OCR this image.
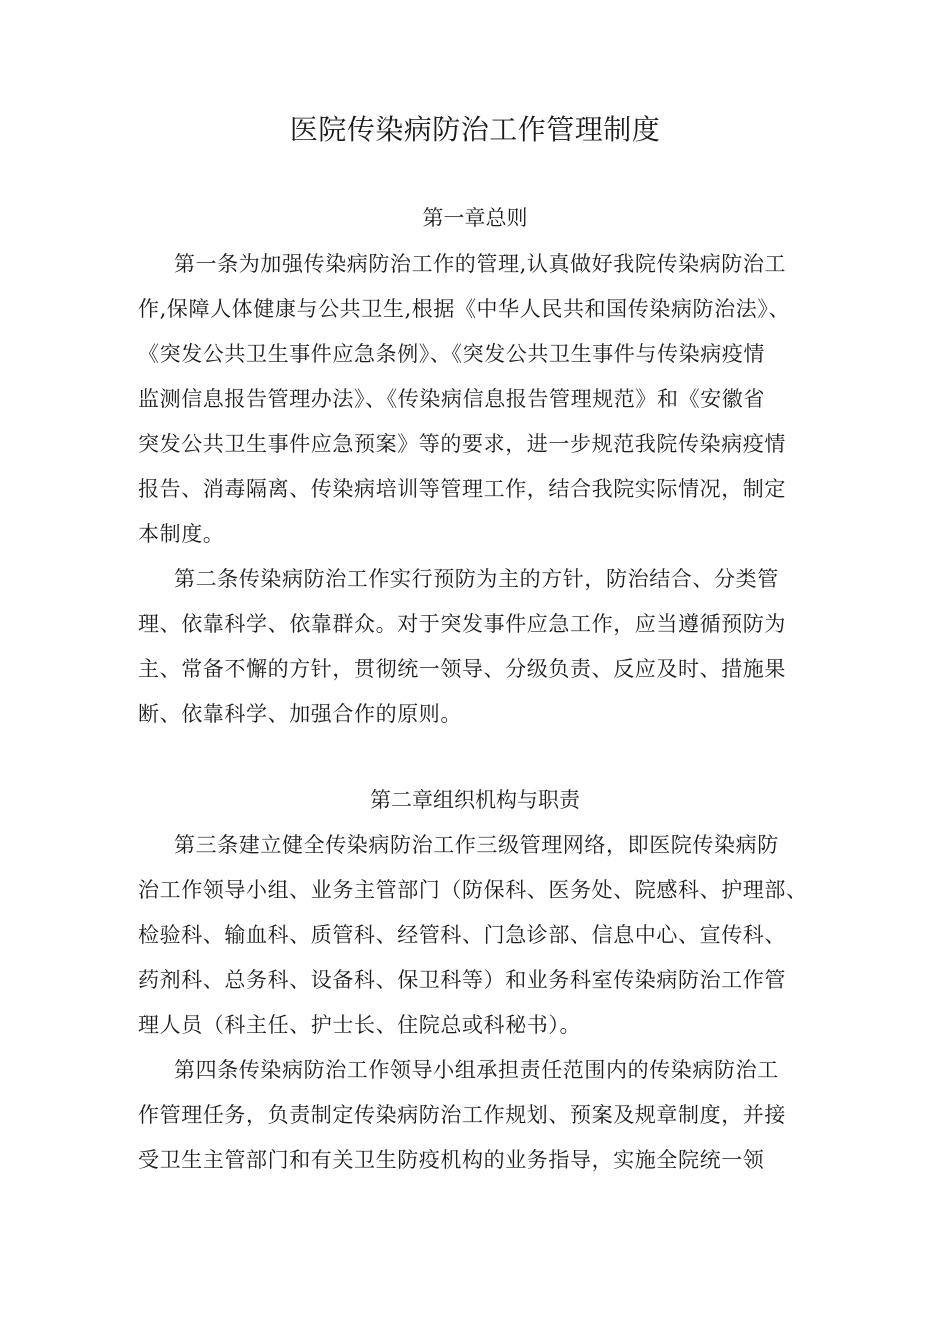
医院传染病防治工作管理制度
第一章总则
第一条为加强传染病防治工作的管理,认真做好我院传染病防治工
作,保障人体健康与公共卫生,根据《中华人民共和国传染病防治法》、
《突发公共卫生事件应急条例》、《突发公共卫生事件与传染病疫情
监测信息报告管理办法》、《传染病信息报告管理规范》和《安徽省
突发公共卫生事件应急预案》等的要求，进一步规范我院传染病疫情
报告、消毒隔离、传染病培训等管理工作，结合我院实际情况，制定
本制度。
第二条传染病防治工作实行预防为主的方针，防治结合、分类管
理、依靠科学、依靠群众。对于突发事件应急工作，应当遵循预防为
主、常备不懈的方针，贯彻统一领导、分级负责、反应及时、措施果
断、依靠科学、加强合作的原则。
第二章组织机构与职责
第三条建立健全传染病防治工作三级管理网络，即医院传染病防
治工作领导小组、业务主管部门（防保科、医务处、院感科、护理部、
检验科、输血科、质管科、经管科、门急诊部、信息中心、宣传科、
药剂科、总务科、设备科、保卫科等）和业务科室传染病防治工作管
理人员（科主任、护士长、住院总或科秘书）。
第四条传染病防治工作领导小组承担责任范围内的传染病防治工
作管理任务，负责制定传染病防治工作规划、预案及规章制度，并接
受卫生主管部门和有关卫生防疫机构的业务指导，实施全院统一领
